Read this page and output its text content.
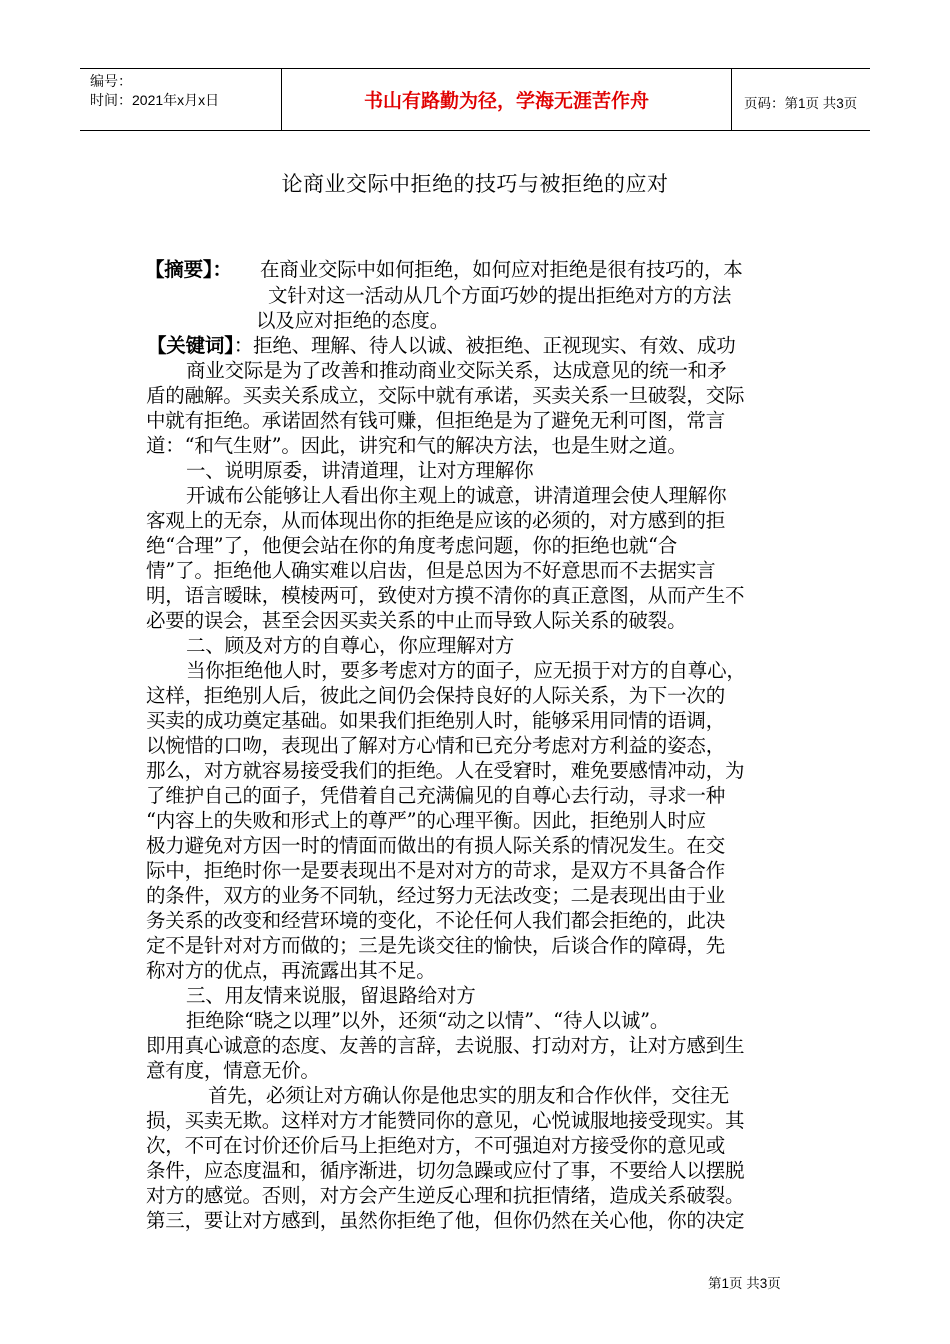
编号：
时间：2021年x月x日	书山有路勤为径，学海无涯苦作舟	页码：第1页 共3页
论商业交际中拒绝的技巧与被拒绝的应对
【摘要】： 在商业交际中如何拒绝，如何应对拒绝是很有技巧的，本
文针对这一活动从几个方面巧妙的提出拒绝对方的方法
以及应对拒绝的态度。
【关键词】：拒绝、理解、待人以诚、被拒绝、正视现实、有效、成功
商业交际是为了改善和推动商业交际关系，达成意见的统一和矛
盾的融解。买卖关系成立，交际中就有承诺，买卖关系一旦破裂，交际
中就有拒绝。承诺固然有钱可赚，但拒绝是为了避免无利可图，常言
道：“和气生财”。因此，讲究和气的解决方法，也是生财之道。
一、说明原委，讲清道理，让对方理解你
开诚布公能够让人看出你主观上的诚意，讲清道理会使人理解你
客观上的无奈，从而体现出你的拒绝是应该的必须的，对方感到的拒
绝“合理”了，他便会站在你的角度考虑问题，你的拒绝也就“合
情”了。拒绝他人确实难以启齿，但是总因为不好意思而不去据实言
明，语言暧昧，模棱两可，致使对方摸不清你的真正意图，从而产生不
必要的误会，甚至会因买卖关系的中止而导致人际关系的破裂。
二、顾及对方的自尊心，你应理解对方
当你拒绝他人时，要多考虑对方的面子，应无损于对方的自尊心，
这样，拒绝别人后，彼此之间仍会保持良好的人际关系，为下一次的
买卖的成功奠定基础。如果我们拒绝别人时，能够采用同情的语调，
以惋惜的口吻，表现出了解对方心情和已充分考虑对方利益的姿态，
那么，对方就容易接受我们的拒绝。人在受窘时，难免要感情冲动，为
了维护自己的面子，凭借着自己充满偏见的自尊心去行动，寻求一种
“内容上的失败和形式上的尊严”的心理平衡。因此，拒绝别人时应
极力避免对方因一时的情面而做出的有损人际关系的情况发生。在交
际中，拒绝时你一是要表现出不是对对方的苛求，是双方不具备合作
的条件，双方的业务不同轨，经过努力无法改变；二是表现出由于业
务关系的改变和经营环境的变化，不论任何人我们都会拒绝的，此决
定不是针对对方而做的；三是先谈交往的愉快，后谈合作的障碍，先
称对方的优点，再流露出其不足。
三、用友情来说服，留退路给对方
拒绝除“晓之以理”以外，还须“动之以情”、“待人以诚”。
即用真心诚意的态度、友善的言辞，去说服、打动对方，让对方感到生
意有度，情意无价。
首先，必须让对方确认你是他忠实的朋友和合作伙伴，交往无
损，买卖无欺。这样对方才能赞同你的意见，心悦诚服地接受现实。其
次，不可在讨价还价后马上拒绝对方，不可强迫对方接受你的意见或
条件，应态度温和，循序渐进，切勿急躁或应付了事，不要给人以摆脱
对方的感觉。否则，对方会产生逆反心理和抗拒情绪，造成关系破裂。
第三，要让对方感到，虽然你拒绝了他，但你仍然在关心他，你的决定
第1页 共3页
